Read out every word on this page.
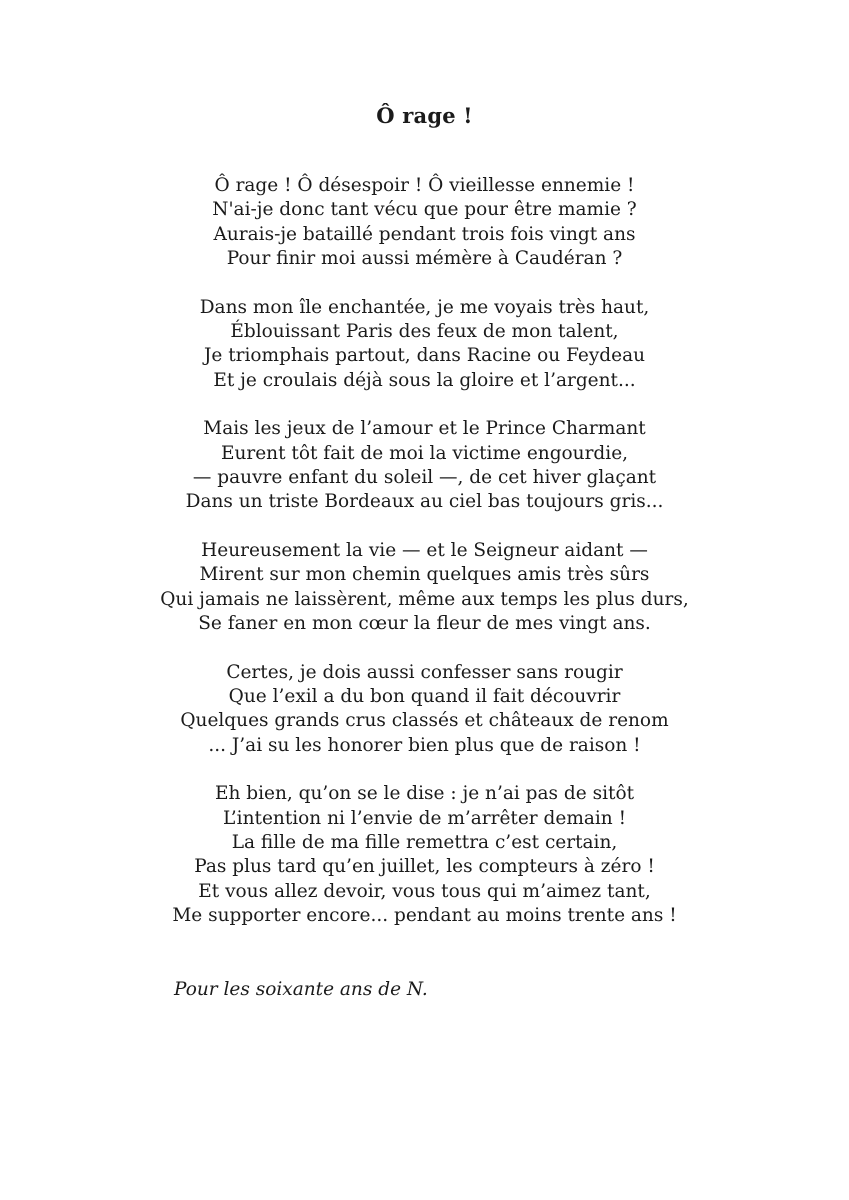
Ô rage !
Ô rage ! Ô désespoir ! Ô vieillesse ennemie !
N'ai-je donc tant vécu que pour être mamie ?
Aurais-je bataillé pendant trois fois vingt ans
Pour finir moi aussi mémère à Caudéran ?
Dans mon île enchantée, je me voyais très haut,
Éblouissant Paris des feux de mon talent,
Je triomphais partout, dans Racine ou Feydeau
Et je croulais déjà sous la gloire et l’argent...
Mais les jeux de l’amour et le Prince Charmant
Eurent tôt fait de moi la victime engourdie,
— pauvre enfant du soleil —, de cet hiver glaçant
Dans un triste Bordeaux au ciel bas toujours gris...
Heureusement la vie — et le Seigneur aidant —
Mirent sur mon chemin quelques amis très sûrs
Qui jamais ne laissèrent, même aux temps les plus durs,
Se faner en mon cœur la fleur de mes vingt ans.
Certes, je dois aussi confesser sans rougir
Que l’exil a du bon quand il fait découvrir
Quelques grands crus classés et châteaux de renom
... J’ai su les honorer bien plus que de raison !
Eh bien, qu’on se le dise : je n’ai pas de sitôt
L’intention ni l’envie de m’arrêter demain !
La fille de ma fille remettra c’est certain,
Pas plus tard qu’en juillet, les compteurs à zéro !
Et vous allez devoir, vous tous qui m’aimez tant,
Me supporter encore... pendant au moins trente ans !
Pour les soixante ans de N.
